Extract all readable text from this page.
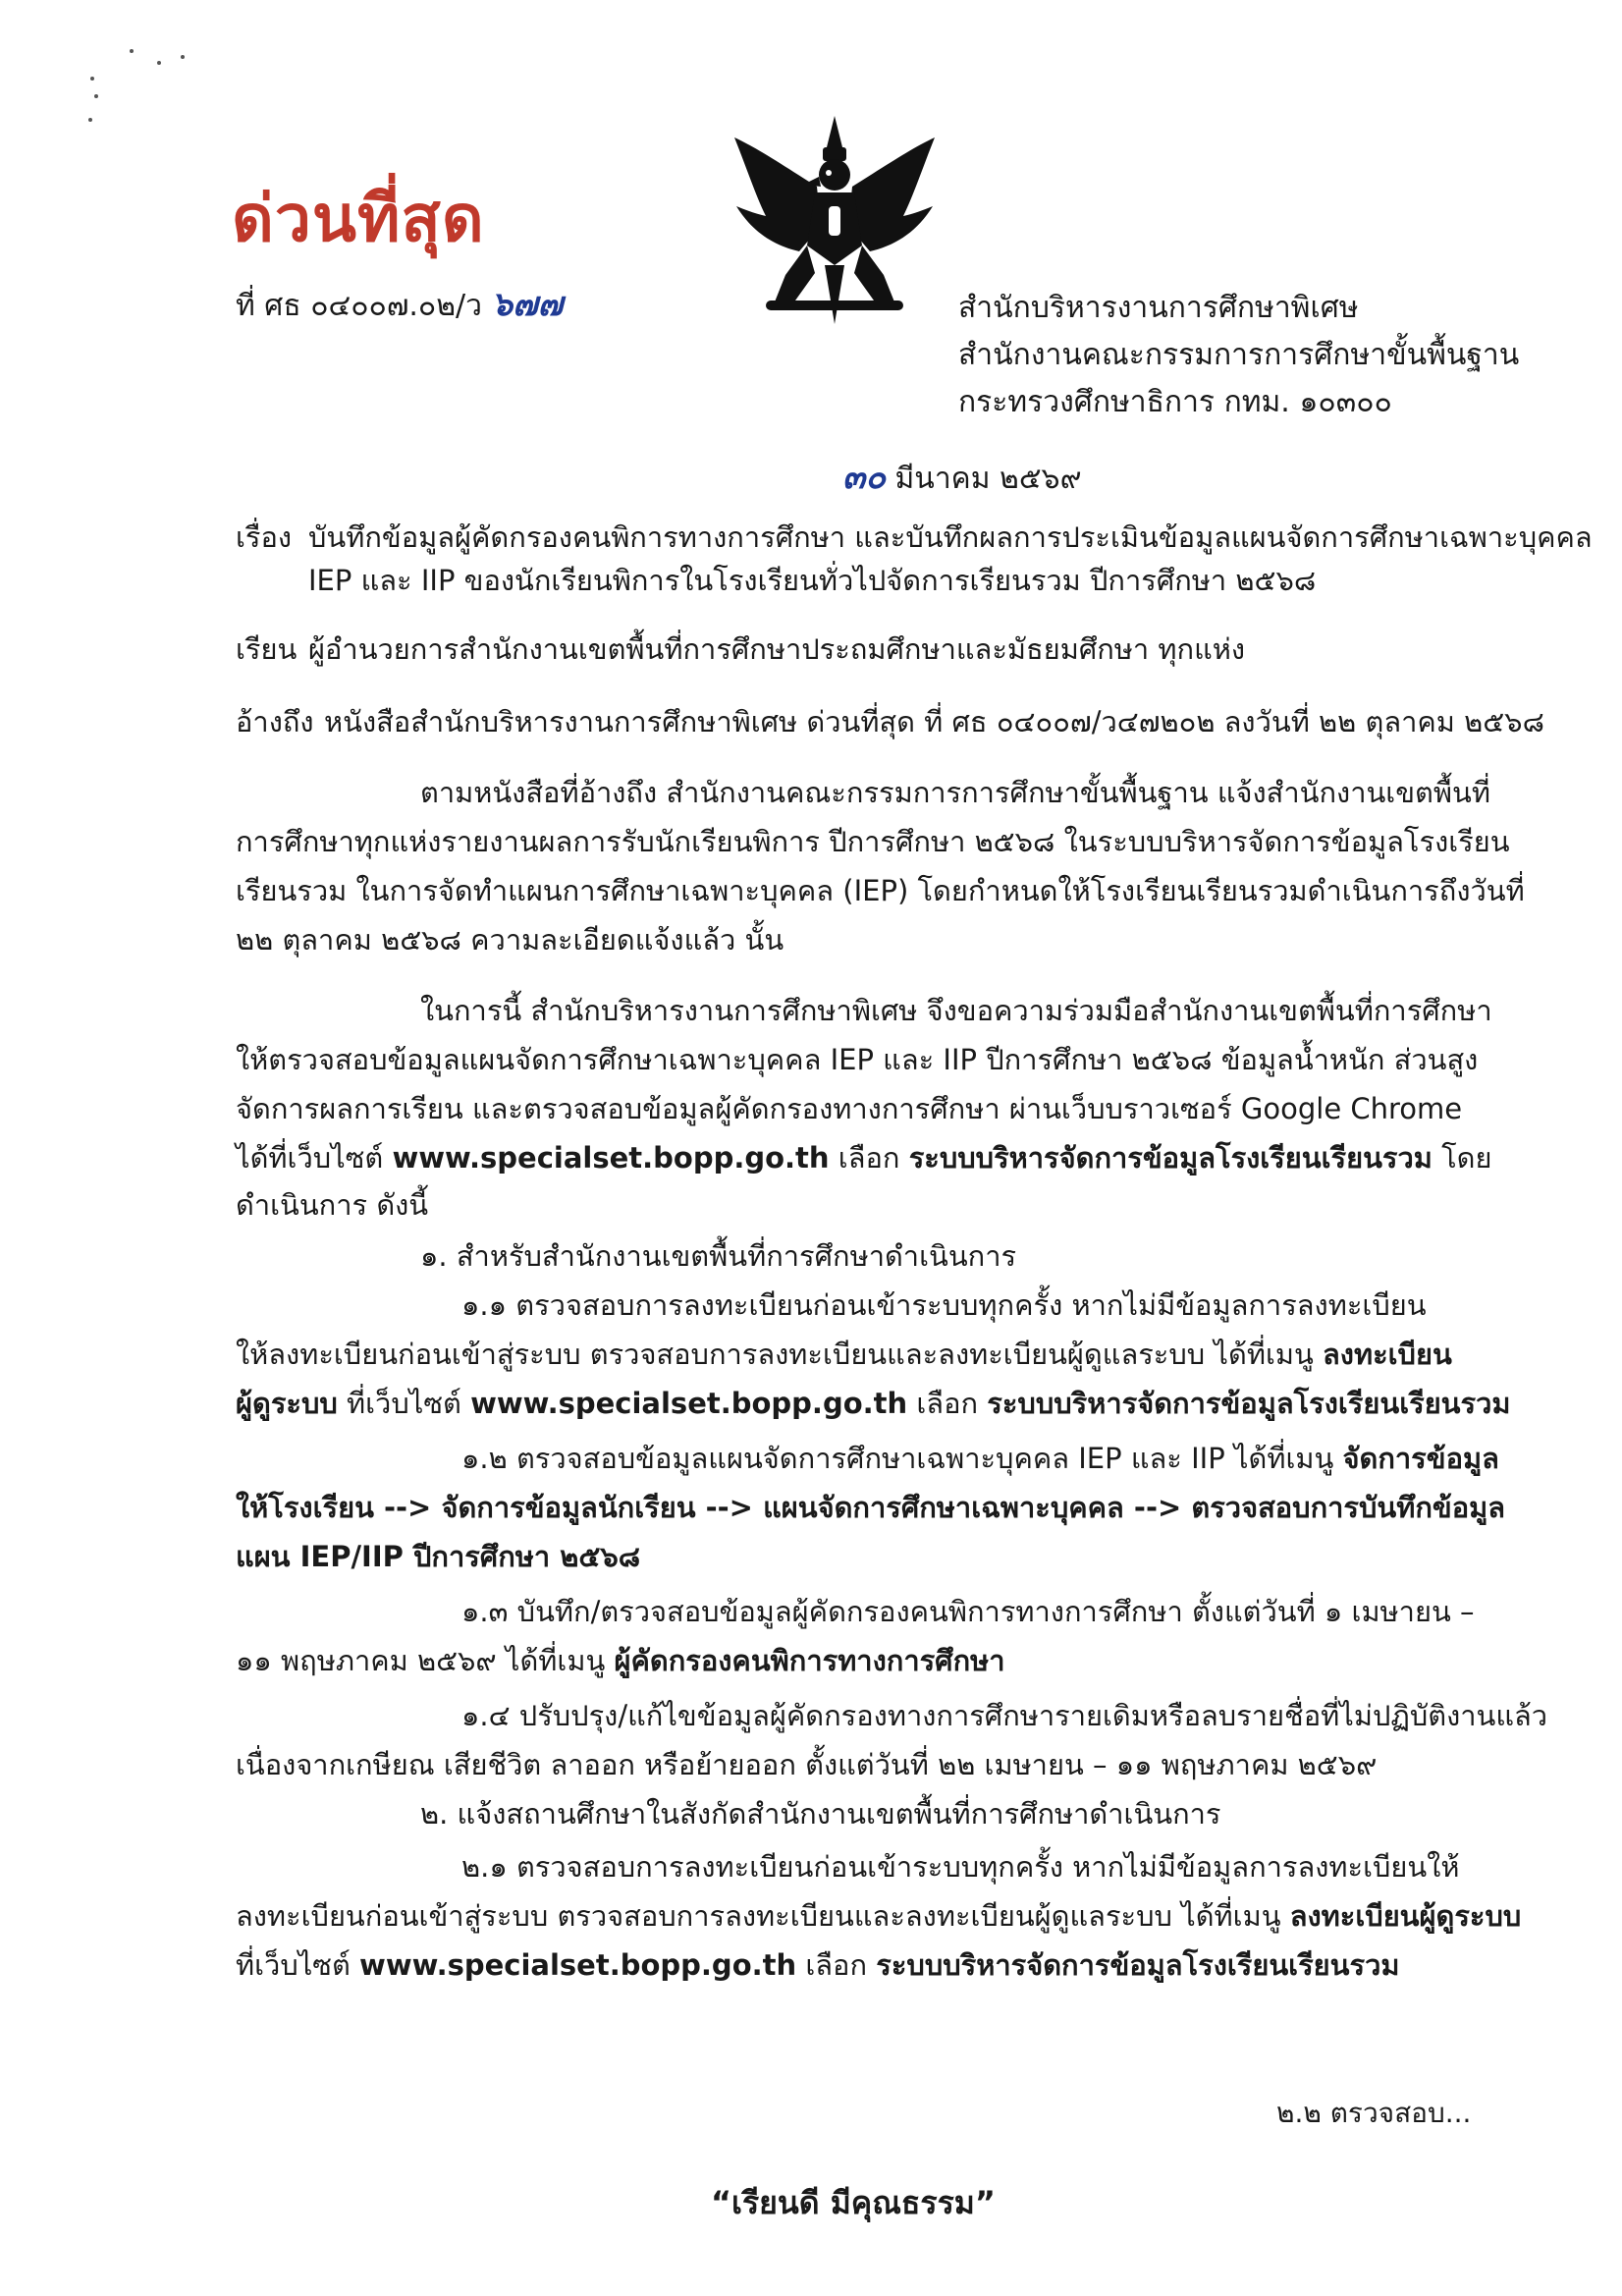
ด่วนที่สุด
ที่ ศธ ๐๔๐๐๗.๐๒/ว ๖๗๗	สำนักบริหารงานการศึกษาพิเศษ
สำนักงานคณะกรรมการการศึกษาขั้นพื้นฐาน
กระทรวงศึกษาธิการ กทม. ๑๐๓๐๐
๓๐ มีนาคม ๒๕๖๙
เรื่อง บันทึกข้อมูลผู้คัดกรองคนพิการทางการศึกษา และบันทึกผลการประเมินข้อมูลแผนจัดการศึกษาเฉพาะบุคคล
IEP และ IIP ของนักเรียนพิการในโรงเรียนทั่วไปจัดการเรียนรวม ปีการศึกษา ๒๕๖๘
เรียน ผู้อำนวยการสำนักงานเขตพื้นที่การศึกษาประถมศึกษาและมัธยมศึกษา ทุกแห่ง
อ้างถึง หนังสือสำนักบริหารงานการศึกษาพิเศษ ด่วนที่สุด ที่ ศธ ๐๔๐๐๗/ว๔๗๒๐๒ ลงวันที่ ๒๒ ตุลาคม ๒๕๖๘
ตามหนังสือที่อ้างถึง สำนักงานคณะกรรมการการศึกษาขั้นพื้นฐาน แจ้งสำนักงานเขตพื้นที่
การศึกษาทุกแห่งรายงานผลการรับนักเรียนพิการ ปีการศึกษา ๒๕๖๘ ในระบบบริหารจัดการข้อมูลโรงเรียน
เรียนรวม ในการจัดทำแผนการศึกษาเฉพาะบุคคล (IEP) โดยกำหนดให้โรงเรียนเรียนรวมดำเนินการถึงวันที่
๒๒ ตุลาคม ๒๕๖๘ ความละเอียดแจ้งแล้ว นั้น
ในการนี้ สำนักบริหารงานการศึกษาพิเศษ จึงขอความร่วมมือสำนักงานเขตพื้นที่การศึกษา
ให้ตรวจสอบข้อมูลแผนจัดการศึกษาเฉพาะบุคคล IEP และ IIP ปีการศึกษา ๒๕๖๘ ข้อมูลน้ำหนัก ส่วนสูง
จัดการผลการเรียน และตรวจสอบข้อมูลผู้คัดกรองทางการศึกษา ผ่านเว็บบราวเซอร์ Google Chrome
ได้ที่เว็บไซต์ www.specialset.bopp.go.th เลือก ระบบบริหารจัดการข้อมูลโรงเรียนเรียนรวม โดย
ดำเนินการ ดังนี้
๑. สำหรับสำนักงานเขตพื้นที่การศึกษาดำเนินการ
๑.๑ ตรวจสอบการลงทะเบียนก่อนเข้าระบบทุกครั้ง หากไม่มีข้อมูลการลงทะเบียน
ให้ลงทะเบียนก่อนเข้าสู่ระบบ ตรวจสอบการลงทะเบียนและลงทะเบียนผู้ดูแลระบบ ได้ที่เมนู ลงทะเบียน
ผู้ดูระบบ ที่เว็บไซต์ www.specialset.bopp.go.th เลือก ระบบบริหารจัดการข้อมูลโรงเรียนเรียนรวม
๑.๒ ตรวจสอบข้อมูลแผนจัดการศึกษาเฉพาะบุคคล IEP และ IIP ได้ที่เมนู จัดการข้อมูล
ให้โรงเรียน --> จัดการข้อมูลนักเรียน --> แผนจัดการศึกษาเฉพาะบุคคล --> ตรวจสอบการบันทึกข้อมูล
แผน IEP/IIP ปีการศึกษา ๒๕๖๘
๑.๓ บันทึก/ตรวจสอบข้อมูลผู้คัดกรองคนพิการทางการศึกษา ตั้งแต่วันที่ ๑ เมษายน –
๑๑ พฤษภาคม ๒๕๖๙ ได้ที่เมนู ผู้คัดกรองคนพิการทางการศึกษา
๑.๔ ปรับปรุง/แก้ไขข้อมูลผู้คัดกรองทางการศึกษารายเดิมหรือลบรายชื่อที่ไม่ปฏิบัติงานแล้ว
เนื่องจากเกษียณ เสียชีวิต ลาออก หรือย้ายออก ตั้งแต่วันที่ ๒๒ เมษายน – ๑๑ พฤษภาคม ๒๕๖๙
๒. แจ้งสถานศึกษาในสังกัดสำนักงานเขตพื้นที่การศึกษาดำเนินการ
๒.๑ ตรวจสอบการลงทะเบียนก่อนเข้าระบบทุกครั้ง หากไม่มีข้อมูลการลงทะเบียนให้
ลงทะเบียนก่อนเข้าสู่ระบบ ตรวจสอบการลงทะเบียนและลงทะเบียนผู้ดูแลระบบ ได้ที่เมนู ลงทะเบียนผู้ดูระบบ
ที่เว็บไซต์ www.specialset.bopp.go.th เลือก ระบบบริหารจัดการข้อมูลโรงเรียนเรียนรวม
๒.๒ ตรวจสอบ...
“เรียนดี มีคุณธรรม”
